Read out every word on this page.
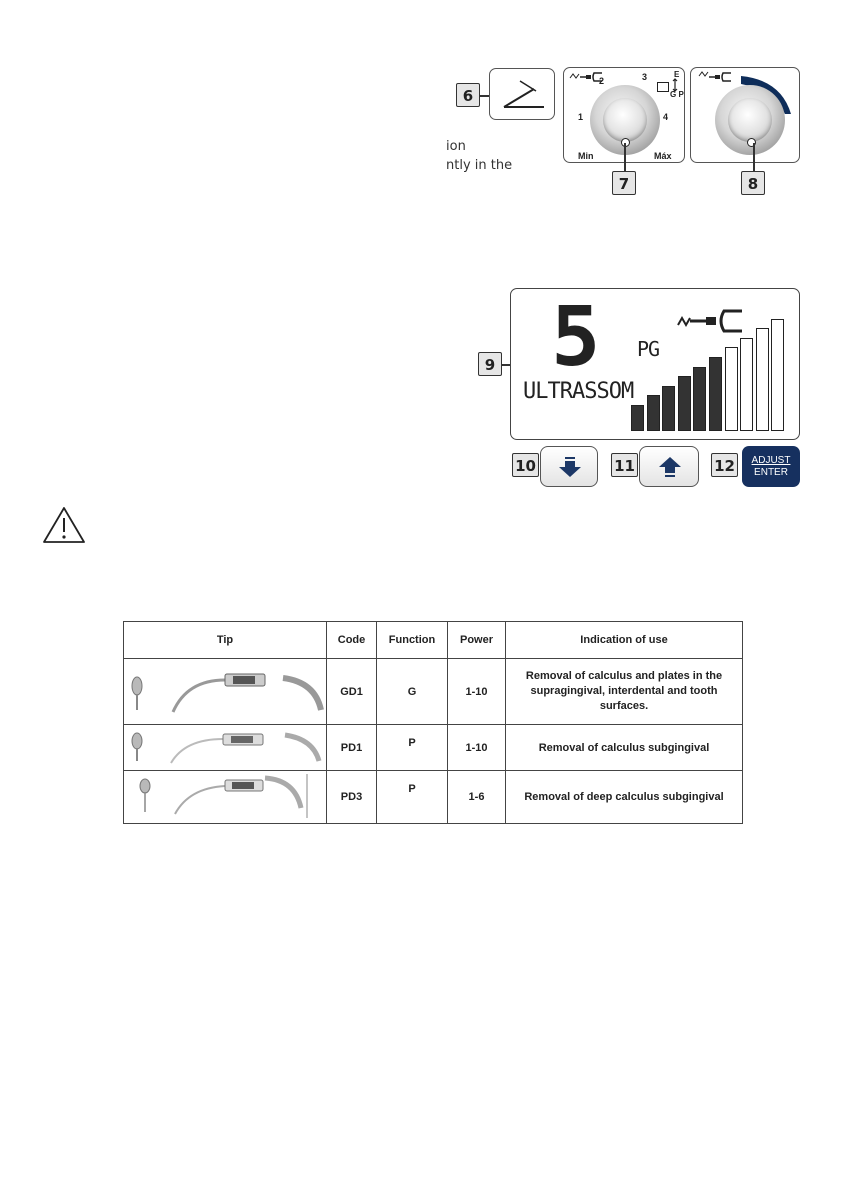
ion
ntly in the
6
2	3
1	4
Min	Máx
E
G P
7	8
9 5 PG
ULTRASSOM
10	11	12	ADJUST
ENTER
Tip	Code	Function	Power	Indication of use
	GD1	G	1-10	Removal of calculus and plates in the supragingival, interdental and tooth surfaces.
	PD1	P	1-10	Removal of calculus subgingival
	PD3	P	1-6	Removal of deep calculus subgingival
